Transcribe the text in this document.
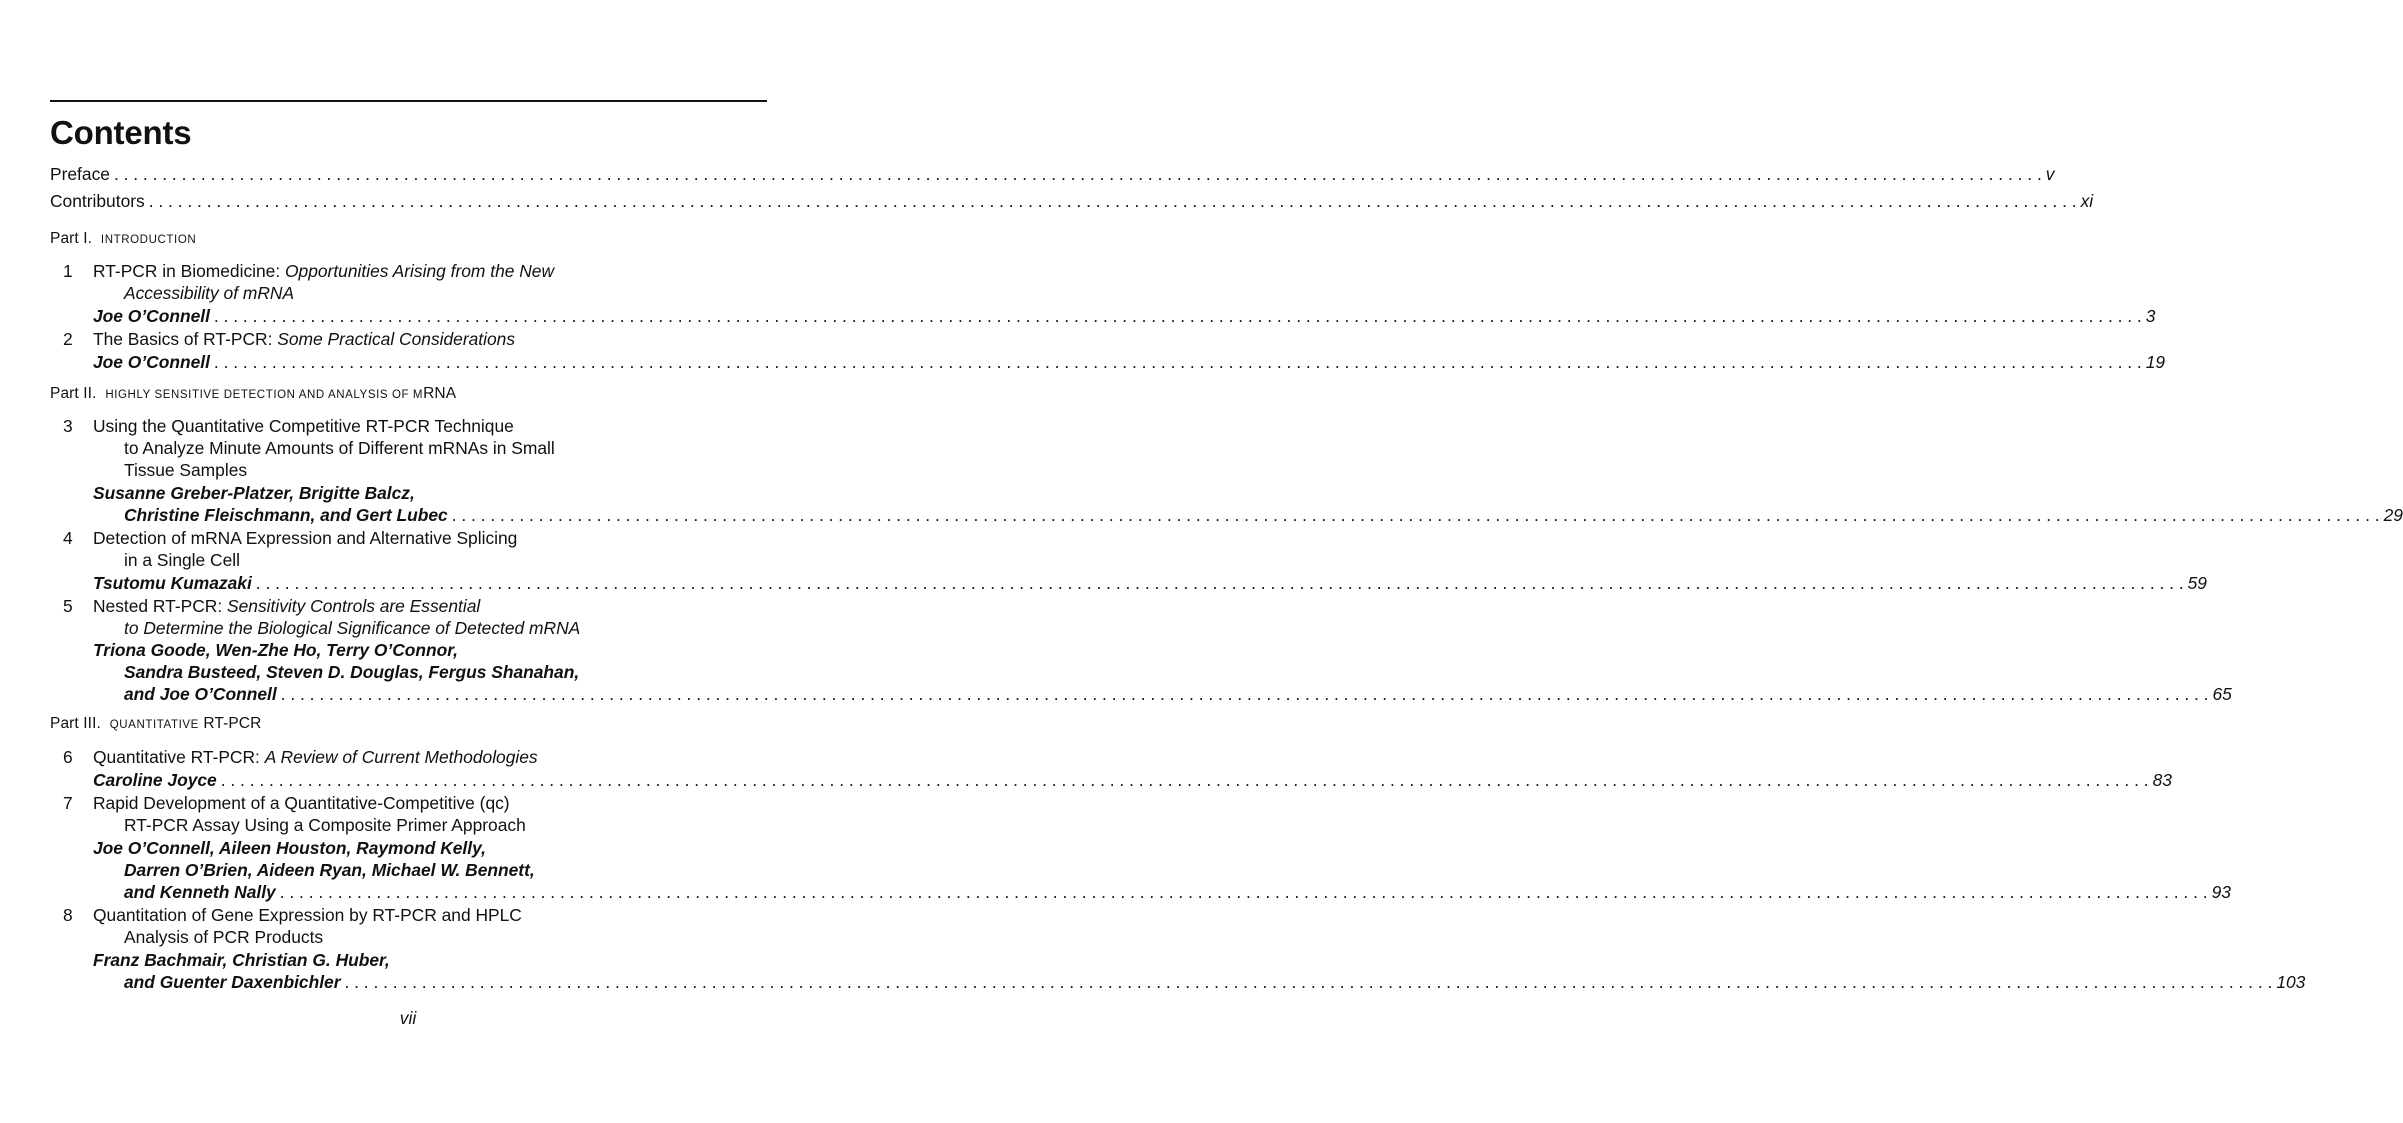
Contents
Preface . . . . . . . . . . . . . . . . . . . . . . . . . . . . . . . . . . . . . . . . . . . . . . . . . . . . . . . . . . . . . . . . . . . . . . . . . . . . . . . . . . . . . . . . . . . . . . . . . . . . . . . . . . . . . . . . . . . . . . . . . . . . . . . . . . . . . . . . . . . . . . . . . . . . . . . . . . . . . . . . . . . . . . . . . . . . . . . . . . . . . . . . . . . . . . . . . . . . . . . . v
Contributors . . . . . . . . . . . . . . . . . . . . . . . . . . . . . . . . . . . . . . . . . . . . . . . . . . . . . . . . . . . . . . . . . . . . . . . . . . . . . . . . . . . . . . . . . . . . . . . . . . . . . . . . . . . . . . . . . . . . . . . . . . . . . . . . . . . . . . . . . . . . . . . . . . . . . . . . . . . . . . . . . . . . . . . . . . . . . . . . . . . . . . . . . . . . . . . . . . . . . . . . xi
Part I. INTRODUCTION
1 RT-PCR in Biomedicine: Opportunities Arising from the New
Accessibility of mRNA
Joe O’Connell . . . . . . . . . . . . . . . . . . . . . . . . . . . . . . . . . . . . . . . . . . . . . . . . . . . . . . . . . . . . . . . . . . . . . . . . . . . . . . . . . . . . . . . . . . . . . . . . . . . . . . . . . . . . . . . . . . . . . . . . . . . . . . . . . . . . . . . . . . . . . . . . . . . . . . . . . . . . . . . . . . . . . . . . . . . . . . . . . . . . . . . . . . . . . . . . . . . . . . . . 3
2 The Basics of RT-PCR: Some Practical Considerations
Joe O’Connell . . . . . . . . . . . . . . . . . . . . . . . . . . . . . . . . . . . . . . . . . . . . . . . . . . . . . . . . . . . . . . . . . . . . . . . . . . . . . . . . . . . . . . . . . . . . . . . . . . . . . . . . . . . . . . . . . . . . . . . . . . . . . . . . . . . . . . . . . . . . . . . . . . . . . . . . . . . . . . . . . . . . . . . . . . . . . . . . . . . . . . . . . . . . . . . . . . . . . . . . 19
Part II. HIGHLY SENSITIVE DETECTION AND ANALYSIS OF MRNA
3 Using the Quantitative Competitive RT-PCR Technique
to Analyze Minute Amounts of Different mRNAs in Small
Tissue Samples
Susanne Greber-Platzer, Brigitte Balcz,
Christine Fleischmann, and Gert Lubec . . . . . . . . . . . . . . . . . . . . . . . . . . . . . . . . . . . . . . . . . . . . . . . . . . . . . . . . . . . . . . . . . . . . . . . . . . . . . . . . . . . . . . . . . . . . . . . . . . . . . . . . . . . . . . . . . . . . . . . . . . . . . . . . . . . . . . . . . . . . . . . . . . . . . . . . . . . . . . . . . . . . . . . . . . . . . . . . . . . . . . . . . . . . . . . . . . . . . . . . 29
4 Detection of mRNA Expression and Alternative Splicing
in a Single Cell
Tsutomu Kumazaki . . . . . . . . . . . . . . . . . . . . . . . . . . . . . . . . . . . . . . . . . . . . . . . . . . . . . . . . . . . . . . . . . . . . . . . . . . . . . . . . . . . . . . . . . . . . . . . . . . . . . . . . . . . . . . . . . . . . . . . . . . . . . . . . . . . . . . . . . . . . . . . . . . . . . . . . . . . . . . . . . . . . . . . . . . . . . . . . . . . . . . . . . . . . . . . . . . . . . . . . 59
5 Nested RT-PCR: Sensitivity Controls are Essential
to Determine the Biological Significance of Detected mRNA
Triona Goode, Wen-Zhe Ho, Terry O’Connor,
Sandra Busteed, Steven D. Douglas, Fergus Shanahan,
and Joe O’Connell . . . . . . . . . . . . . . . . . . . . . . . . . . . . . . . . . . . . . . . . . . . . . . . . . . . . . . . . . . . . . . . . . . . . . . . . . . . . . . . . . . . . . . . . . . . . . . . . . . . . . . . . . . . . . . . . . . . . . . . . . . . . . . . . . . . . . . . . . . . . . . . . . . . . . . . . . . . . . . . . . . . . . . . . . . . . . . . . . . . . . . . . . . . . . . . . . . . . . . . . 65
Part III. QUANTITATIVE RT-PCR
6 Quantitative RT-PCR: A Review of Current Methodologies
Caroline Joyce . . . . . . . . . . . . . . . . . . . . . . . . . . . . . . . . . . . . . . . . . . . . . . . . . . . . . . . . . . . . . . . . . . . . . . . . . . . . . . . . . . . . . . . . . . . . . . . . . . . . . . . . . . . . . . . . . . . . . . . . . . . . . . . . . . . . . . . . . . . . . . . . . . . . . . . . . . . . . . . . . . . . . . . . . . . . . . . . . . . . . . . . . . . . . . . . . . . . . . . . 83
7 Rapid Development of a Quantitative-Competitive (qc)
RT-PCR Assay Using a Composite Primer Approach
Joe O’Connell, Aileen Houston, Raymond Kelly,
Darren O’Brien, Aideen Ryan, Michael W. Bennett,
and Kenneth Nally . . . . . . . . . . . . . . . . . . . . . . . . . . . . . . . . . . . . . . . . . . . . . . . . . . . . . . . . . . . . . . . . . . . . . . . . . . . . . . . . . . . . . . . . . . . . . . . . . . . . . . . . . . . . . . . . . . . . . . . . . . . . . . . . . . . . . . . . . . . . . . . . . . . . . . . . . . . . . . . . . . . . . . . . . . . . . . . . . . . . . . . . . . . . . . . . . . . . . . . . 93
8 Quantitation of Gene Expression by RT-PCR and HPLC
Analysis of PCR Products
Franz Bachmair, Christian G. Huber,
and Guenter Daxenbichler . . . . . . . . . . . . . . . . . . . . . . . . . . . . . . . . . . . . . . . . . . . . . . . . . . . . . . . . . . . . . . . . . . . . . . . . . . . . . . . . . . . . . . . . . . . . . . . . . . . . . . . . . . . . . . . . . . . . . . . . . . . . . . . . . . . . . . . . . . . . . . . . . . . . . . . . . . . . . . . . . . . . . . . . . . . . . . . . . . . . . . . . . . . . . . . . . . . . . . . . 103
vii
